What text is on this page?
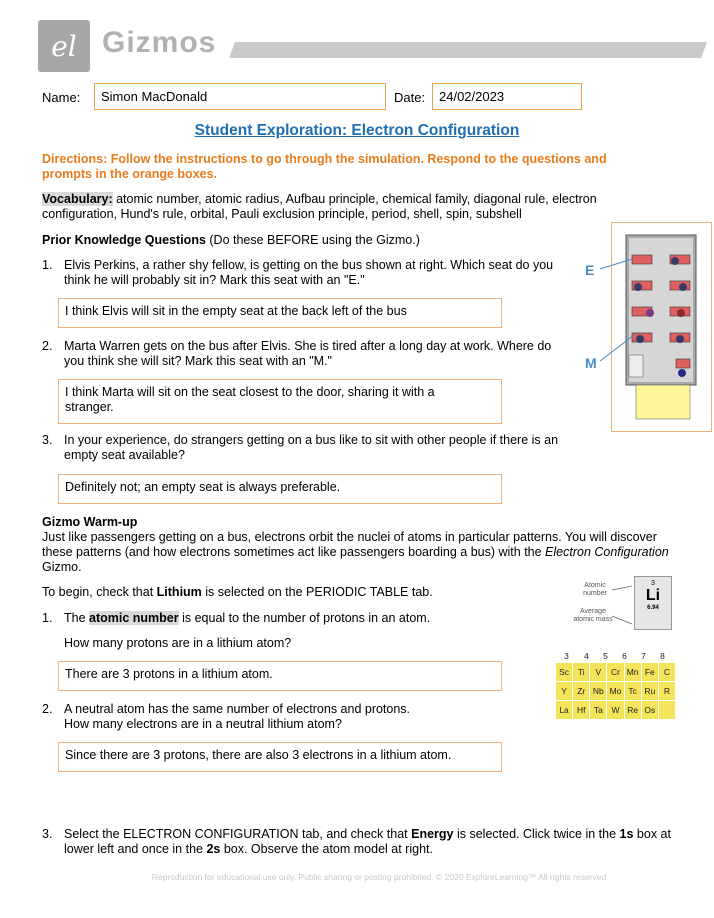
el Gizmos
Name:	Simon MacDonald	Date:	24/02/2023
Student Exploration: Electron Configuration
Directions: Follow the instructions to go through the simulation. Respond to the questions and prompts in the orange boxes.
Vocabulary: atomic number, atomic radius, Aufbau principle, chemical family, diagonal rule, electron configuration, Hund's rule, orbital, Pauli exclusion principle, period, shell, spin, subshell
Prior Knowledge Questions (Do these BEFORE using the Gizmo.)
1. Elvis Perkins, a rather shy fellow, is getting on the bus shown at right. Which seat do you think he will probably sit in? Mark this seat with an "E."
I think Elvis will sit in the empty seat at the back left of the bus
2. Marta Warren gets on the bus after Elvis. She is tired after a long day at work. Where do you think she will sit? Mark this seat with an "M."
I think Marta will sit on the seat closest to the door, sharing it with a stranger.
3. In your experience, do strangers getting on a bus like to sit with other people if there is an empty seat available?
Definitely not; an empty seat is always preferable.
E
M
Gizmo Warm-up
Just like passengers getting on a bus, electrons orbit the nuclei of atoms in particular patterns. You will discover these patterns (and how electrons sometimes act like passengers boarding a bus) with the Electron Configuration Gizmo.
To begin, check that Lithium is selected on the PERIODIC TABLE tab.
1. The atomic number is equal to the number of protons in an atom.
How many protons are in a lithium atom?
There are 3 protons in a lithium atom.
2. A neutral atom has the same number of electrons and protons.
How many electrons are in a neutral lithium atom?
Since there are 3 protons, there are also 3 electrons in a lithium atom.
3. Select the ELECTRON CONFIGURATION tab, and check that Energy is selected. Click twice in the 1s box at lower left and once in the 2s box. Observe the atom model at right.
Atomic number
Average atomic mass
3
Li
6.94
3	4	5	6	7	8
Sc	Ti	V	Cr Mn Fe	C
Y	Zr Nb Mo Tc Ru	R
La Hf Ta	W Re Os
Reproduction for educational use only. Public sharing or posting prohibited. © 2020 ExploreLearning™ All rights reserved
